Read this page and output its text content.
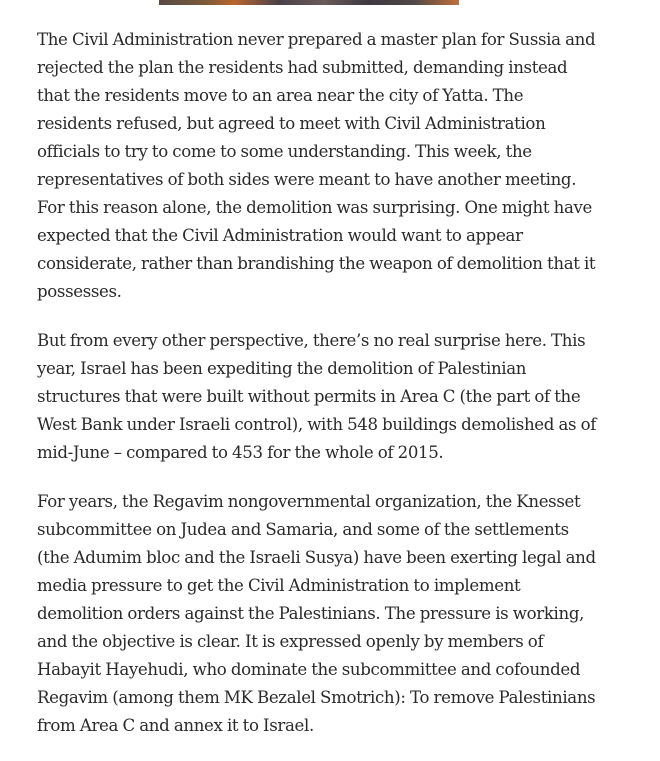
The Civil Administration never prepared a master plan for Sussia and rejected the plan the residents had submitted, demanding instead that the residents move to an area near the city of Yatta. The residents refused, but agreed to meet with Civil Administration officials to try to come to some understanding. This week, the representatives of both sides were meant to have another meeting. For this reason alone, the demolition was surprising. One might have expected that the Civil Administration would want to appear considerate, rather than brandishing the weapon of demolition that it possesses.

But from every other perspective, there’s no real surprise here. This year, Israel has been expediting the demolition of Palestinian structures that were built without permits in Area C (the part of the West Bank under Israeli control), with 548 buildings demolished as of mid-June – compared to 453 for the whole of 2015.

For years, the Regavim nongovernmental organization, the Knesset subcommittee on Judea and Samaria, and some of the settlements (the Adumim bloc and the Israeli Susya) have been exerting legal and media pressure to get the Civil Administration to implement demolition orders against the Palestinians. The pressure is working, and the objective is clear. It is expressed openly by members of Habayit Hayehudi, who dominate the subcommittee and cofounded Regavim (among them MK Bezalel Smotrich): To remove Palestinians from Area C and annex it to Israel.
